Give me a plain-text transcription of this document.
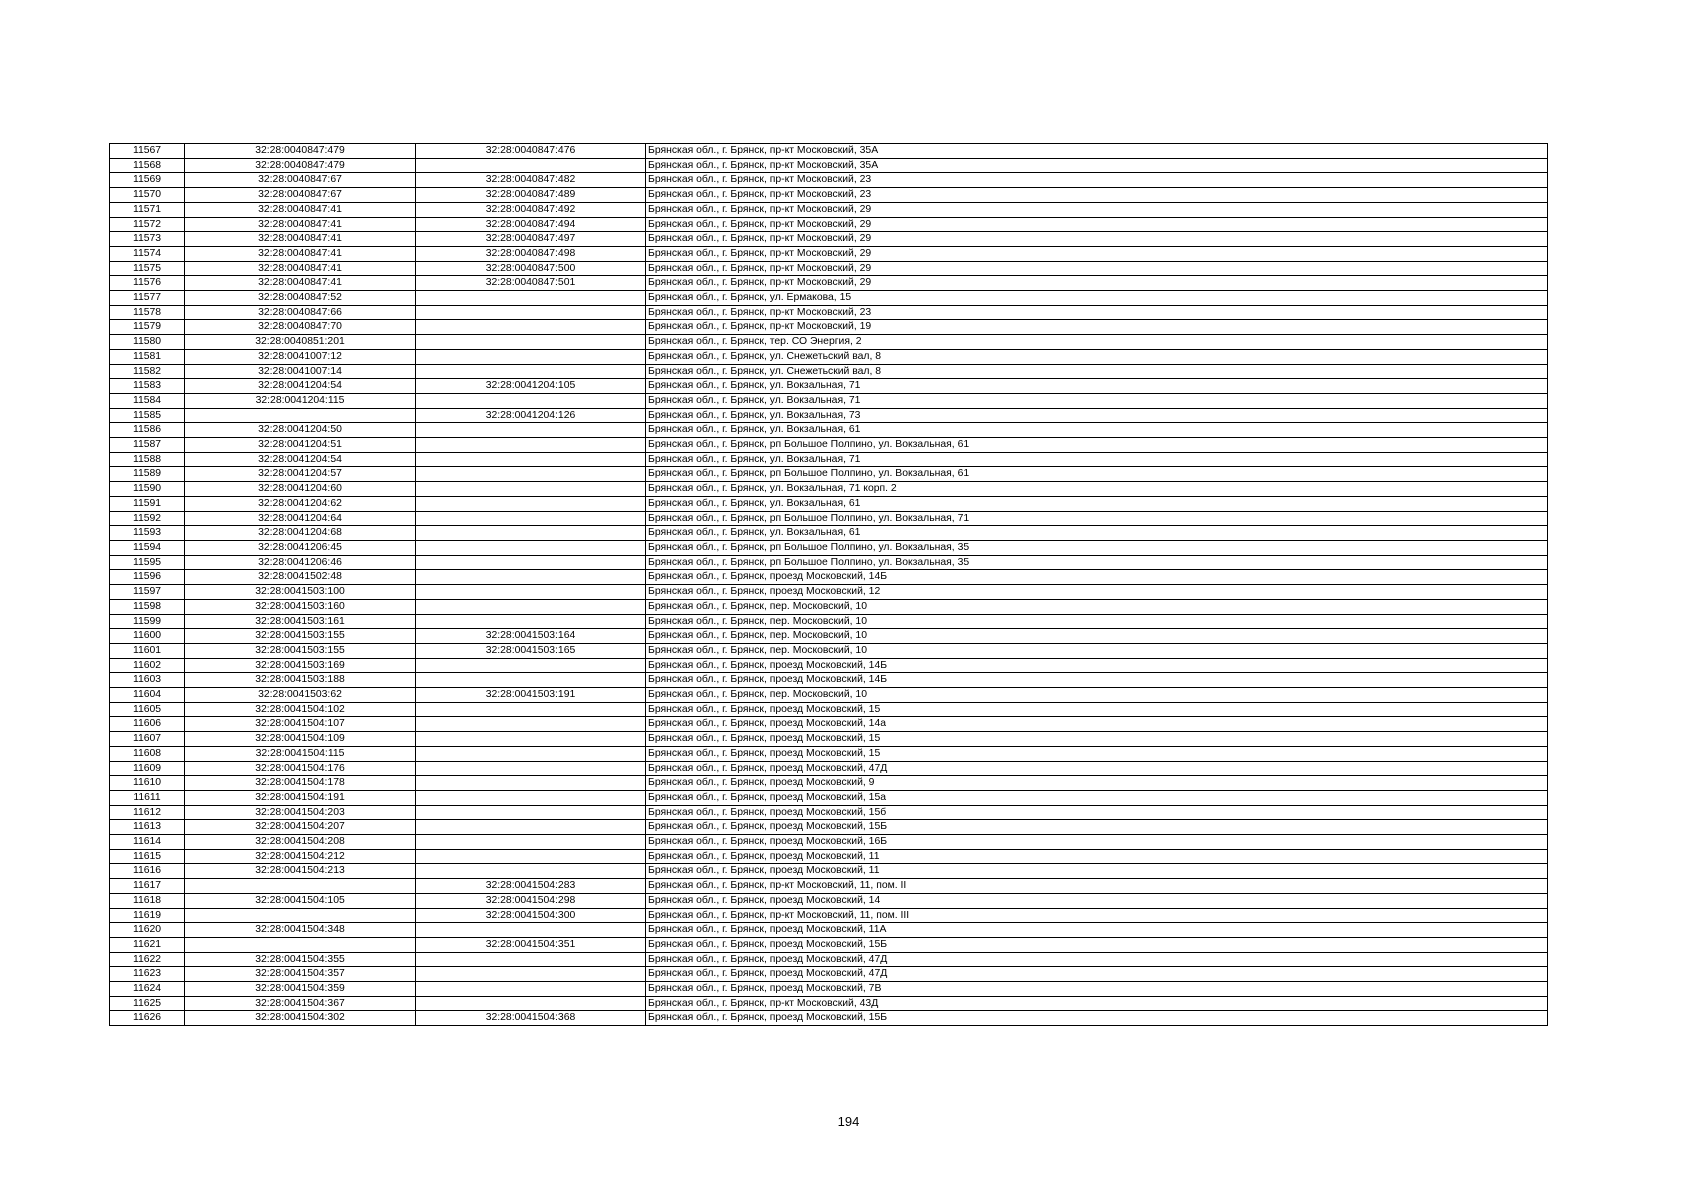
11567	32:28:0040847:479	32:28:0040847:476	Брянская обл., г. Брянск, пр-кт Московский, 35А
11568	32:28:0040847:479		Брянская обл., г. Брянск, пр-кт Московский, 35А
11569	32:28:0040847:67	32:28:0040847:482	Брянская обл., г. Брянск, пр-кт Московский, 23
11570	32:28:0040847:67	32:28:0040847:489	Брянская обл., г. Брянск, пр-кт Московский, 23
11571	32:28:0040847:41	32:28:0040847:492	Брянская обл., г. Брянск, пр-кт Московский, 29
11572	32:28:0040847:41	32:28:0040847:494	Брянская обл., г. Брянск, пр-кт Московский, 29
11573	32:28:0040847:41	32:28:0040847:497	Брянская обл., г. Брянск, пр-кт Московский, 29
11574	32:28:0040847:41	32:28:0040847:498	Брянская обл., г. Брянск, пр-кт Московский, 29
11575	32:28:0040847:41	32:28:0040847:500	Брянская обл., г. Брянск, пр-кт Московский, 29
11576	32:28:0040847:41	32:28:0040847:501	Брянская обл., г. Брянск, пр-кт Московский, 29
11577	32:28:0040847:52		Брянская обл., г. Брянск, ул. Ермакова, 15
11578	32:28:0040847:66		Брянская обл., г. Брянск, пр-кт Московский, 23
11579	32:28:0040847:70		Брянская обл., г. Брянск, пр-кт Московский, 19
11580	32:28:0040851:201		Брянская обл., г. Брянск, тер. СО Энергия, 2
11581	32:28:0041007:12		Брянская обл., г. Брянск, ул. Снежетьский вал, 8
11582	32:28:0041007:14		Брянская обл., г. Брянск, ул. Снежетьский вал, 8
11583	32:28:0041204:54	32:28:0041204:105	Брянская обл., г. Брянск, ул. Вокзальная, 71
11584	32:28:0041204:115		Брянская обл., г. Брянск, ул. Вокзальная, 71
11585		32:28:0041204:126	Брянская обл., г. Брянск, ул. Вокзальная, 73
11586	32:28:0041204:50		Брянская обл., г. Брянск, ул. Вокзальная, 61
11587	32:28:0041204:51		Брянская обл., г. Брянск, рп Большое Полпино, ул. Вокзальная, 61
11588	32:28:0041204:54		Брянская обл., г. Брянск, ул. Вокзальная, 71
11589	32:28:0041204:57		Брянская обл., г. Брянск, рп Большое Полпино, ул. Вокзальная, 61
11590	32:28:0041204:60		Брянская обл., г. Брянск, ул. Вокзальная, 71 корп. 2
11591	32:28:0041204:62		Брянская обл., г. Брянск, ул. Вокзальная, 61
11592	32:28:0041204:64		Брянская обл., г. Брянск, рп Большое Полпино, ул. Вокзальная, 71
11593	32:28:0041204:68		Брянская обл., г. Брянск, ул. Вокзальная, 61
11594	32:28:0041206:45		Брянская обл., г. Брянск, рп Большое Полпино, ул. Вокзальная, 35
11595	32:28:0041206:46		Брянская обл., г. Брянск, рп Большое Полпино, ул. Вокзальная, 35
11596	32:28:0041502:48		Брянская обл., г. Брянск, проезд Московский, 14Б
11597	32:28:0041503:100		Брянская обл., г. Брянск, проезд Московский, 12
11598	32:28:0041503:160		Брянская обл., г. Брянск, пер. Московский, 10
11599	32:28:0041503:161		Брянская обл., г. Брянск, пер. Московский, 10
11600	32:28:0041503:155	32:28:0041503:164	Брянская обл., г. Брянск, пер. Московский, 10
11601	32:28:0041503:155	32:28:0041503:165	Брянская обл., г. Брянск, пер. Московский, 10
11602	32:28:0041503:169		Брянская обл., г. Брянск, проезд Московский, 14Б
11603	32:28:0041503:188		Брянская обл., г. Брянск, проезд Московский, 14Б
11604	32:28:0041503:62	32:28:0041503:191	Брянская обл., г. Брянск, пер. Московский, 10
11605	32:28:0041504:102		Брянская обл., г. Брянск, проезд Московский, 15
11606	32:28:0041504:107		Брянская обл., г. Брянск, проезд Московский, 14а
11607	32:28:0041504:109		Брянская обл., г. Брянск, проезд Московский, 15
11608	32:28:0041504:115		Брянская обл., г. Брянск, проезд Московский, 15
11609	32:28:0041504:176		Брянская обл., г. Брянск, проезд Московский, 47Д
11610	32:28:0041504:178		Брянская обл., г. Брянск, проезд Московский, 9
11611	32:28:0041504:191		Брянская обл., г. Брянск, проезд Московский, 15а
11612	32:28:0041504:203		Брянская обл., г. Брянск, проезд Московский, 15б
11613	32:28:0041504:207		Брянская обл., г. Брянск, проезд Московский, 15Б
11614	32:28:0041504:208		Брянская обл., г. Брянск, проезд Московский, 16Б
11615	32:28:0041504:212		Брянская обл., г. Брянск, проезд Московский, 11
11616	32:28:0041504:213		Брянская обл., г. Брянск, проезд Московский, 11
11617		32:28:0041504:283	Брянская обл., г. Брянск, пр-кт Московский, 11, пом. II
11618	32:28:0041504:105	32:28:0041504:298	Брянская обл., г. Брянск, проезд Московский, 14
11619		32:28:0041504:300	Брянская обл., г. Брянск, пр-кт Московский, 11, пом. III
11620	32:28:0041504:348		Брянская обл., г. Брянск, проезд Московский, 11А
11621		32:28:0041504:351	Брянская обл., г. Брянск, проезд Московский, 15Б
11622	32:28:0041504:355		Брянская обл., г. Брянск, проезд Московский, 47Д
11623	32:28:0041504:357		Брянская обл., г. Брянск, проезд Московский, 47Д
11624	32:28:0041504:359		Брянская обл., г. Брянск, проезд Московский, 7В
11625	32:28:0041504:367		Брянская обл., г. Брянск, пр-кт Московский, 43Д
11626	32:28:0041504:302	32:28:0041504:368	Брянская обл., г. Брянск, проезд Московский, 15Б
194
